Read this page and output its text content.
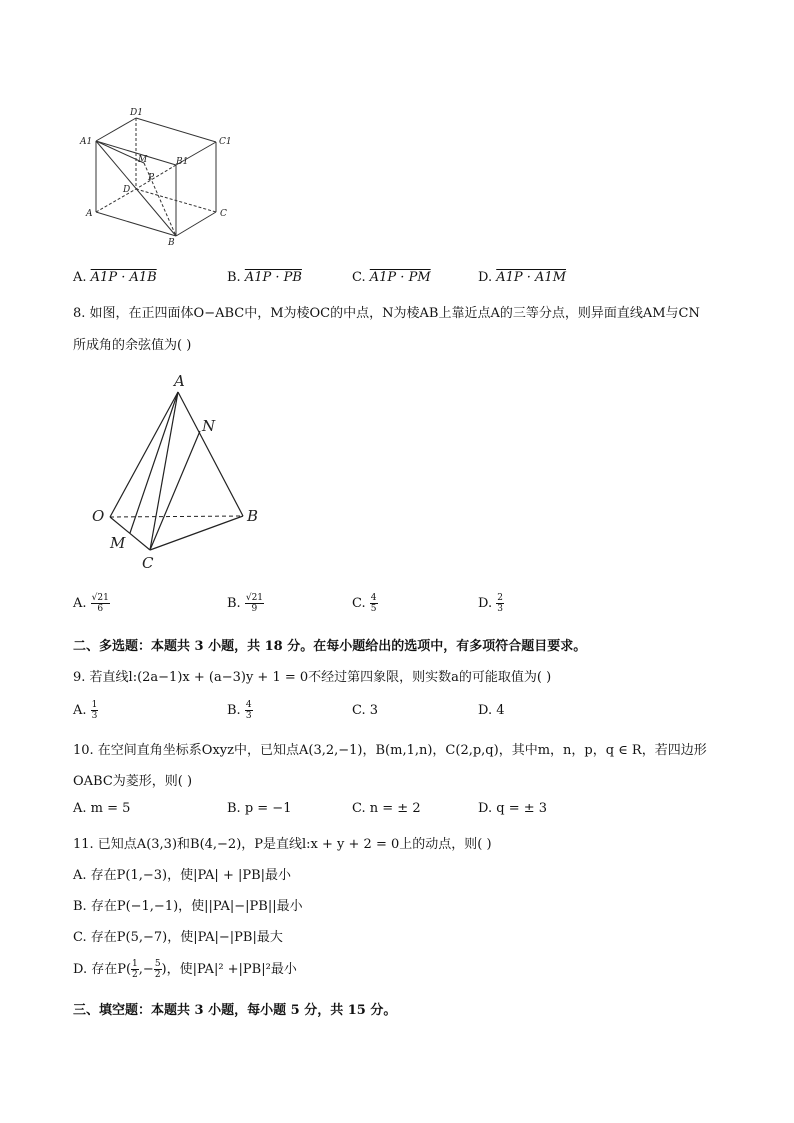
D1
C1
A1
B1
M
P
D
A	C
B
A. A1P · A1B	B. A1P · PB	C. A1P · PM	D. A1P · A1M
8. 如图，在正四面体O−ABC中，M为棱OC的中点，N为棱AB上靠近点A的三等分点，则异面直线AM与CN
所成角的余弦值为( )
A
N
O	B
M
C
A. $\frac{√21}{6}$	B. $\frac{√21}{9}$	C. $\frac{4}{5}$	D. $\frac{2}{3}$
二、多选题：本题共 3 小题，共 18 分。在每小题给出的选项中，有多项符合题目要求。
9. 若直线l:(2a−1)x + (a−3)y + 1 = 0不经过第四象限，则实数a的可能取值为( )
A. $\frac{1}{3}$	B. $\frac{4}{3}$	C. 3	D. 4
10. 在空间直角坐标系Oxyz中，已知点A(3,2,−1)，B(m,1,n)，C(2,p,q)，其中m，n，p，q ∈ R，若四边形
OABC为菱形，则( )
A. m = 5	B. p = −1	C. n = ± 2	D. q = ± 3
11. 已知点A(3,3)和B(4,−2)，P是直线l:x + y + 2 = 0上的动点，则( )
A. 存在P(1,−3)，使|PA| + |PB|最小
B. 存在P(−1,−1)，使||PA|−|PB||最小
C. 存在P(5,−7)，使|PA|−|PB|最大
D. 存在$P( \frac{1}{2}$ ,− $\frac{5}{2}$ )，使|PA|² +|PB|²最小
三、填空题：本题共 3 小题，每小题 5 分，共 15 分。
